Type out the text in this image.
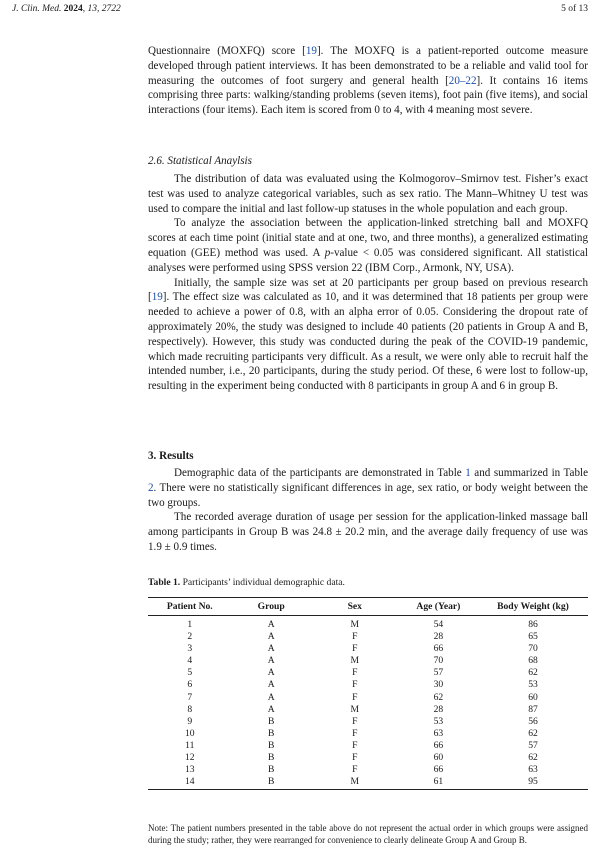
J. Clin. Med. 2024, 13, 2722	5 of 13

Questionnaire (MOXFQ) score [19]. The MOXFQ is a patient-reported outcome measure developed through patient interviews. It has been demonstrated to be a reliable and valid tool for measuring the outcomes of foot surgery and general health [20–22]. It contains 16 items comprising three parts: walking/standing problems (seven items), foot pain (five items), and social interactions (four items). Each item is scored from 0 to 4, with 4 meaning most severe.

2.6. Statistical Anaylsis

The distribution of data was evaluated using the Kolmogorov–Smirnov test. Fisher’s exact test was used to analyze categorical variables, such as sex ratio. The Mann–Whitney U test was used to compare the initial and last follow-up statuses in the whole population and each group.

To analyze the association between the application-linked stretching ball and MOXFQ scores at each time point (initial state and at one, two, and three months), a generalized estimating equation (GEE) method was used. A p-value < 0.05 was considered significant. All statistical analyses were performed using SPSS version 22 (IBM Corp., Armonk, NY, USA).

Initially, the sample size was set at 20 participants per group based on previous research [19]. The effect size was calculated as 10, and it was determined that 18 patients per group were needed to achieve a power of 0.8, with an alpha error of 0.05. Considering the dropout rate of approximately 20%, the study was designed to include 40 patients (20 patients in Group A and B, respectively). However, this study was conducted during the peak of the COVID-19 pandemic, which made recruiting participants very difficult. As a result, we were only able to recruit half the intended number, i.e., 20 participants, during the study period. Of these, 6 were lost to follow-up, resulting in the experiment being conducted with 8 participants in group A and 6 in group B.

3. Results

Demographic data of the participants are demonstrated in Table 1 and summarized in Table 2. There were no statistically significant differences in age, sex ratio, or body weight between the two groups.

The recorded average duration of usage per session for the application-linked massage ball among participants in Group B was 24.8 ± 20.2 min, and the average daily frequency of use was 1.9 ± 0.9 times.

Table 1. Participants’ individual demographic data.

Patient No.	Group	Sex	Age (Year)	Body Weight (kg)
1	A	M	54	86
2	A	F	28	65
3	A	F	66	70
4	A	M	70	68
5	A	F	57	62
6	A	F	30	53
7	A	F	62	60
8	A	M	28	87
9	B	F	53	56
10	B	F	63	62
11	B	F	66	57
12	B	F	60	62
13	B	F	66	63
14	B	M	61	95

Note: The patient numbers presented in the table above do not represent the actual order in which groups were assigned during the study; rather, they were rearranged for convenience to clearly delineate Group A and Group B.
